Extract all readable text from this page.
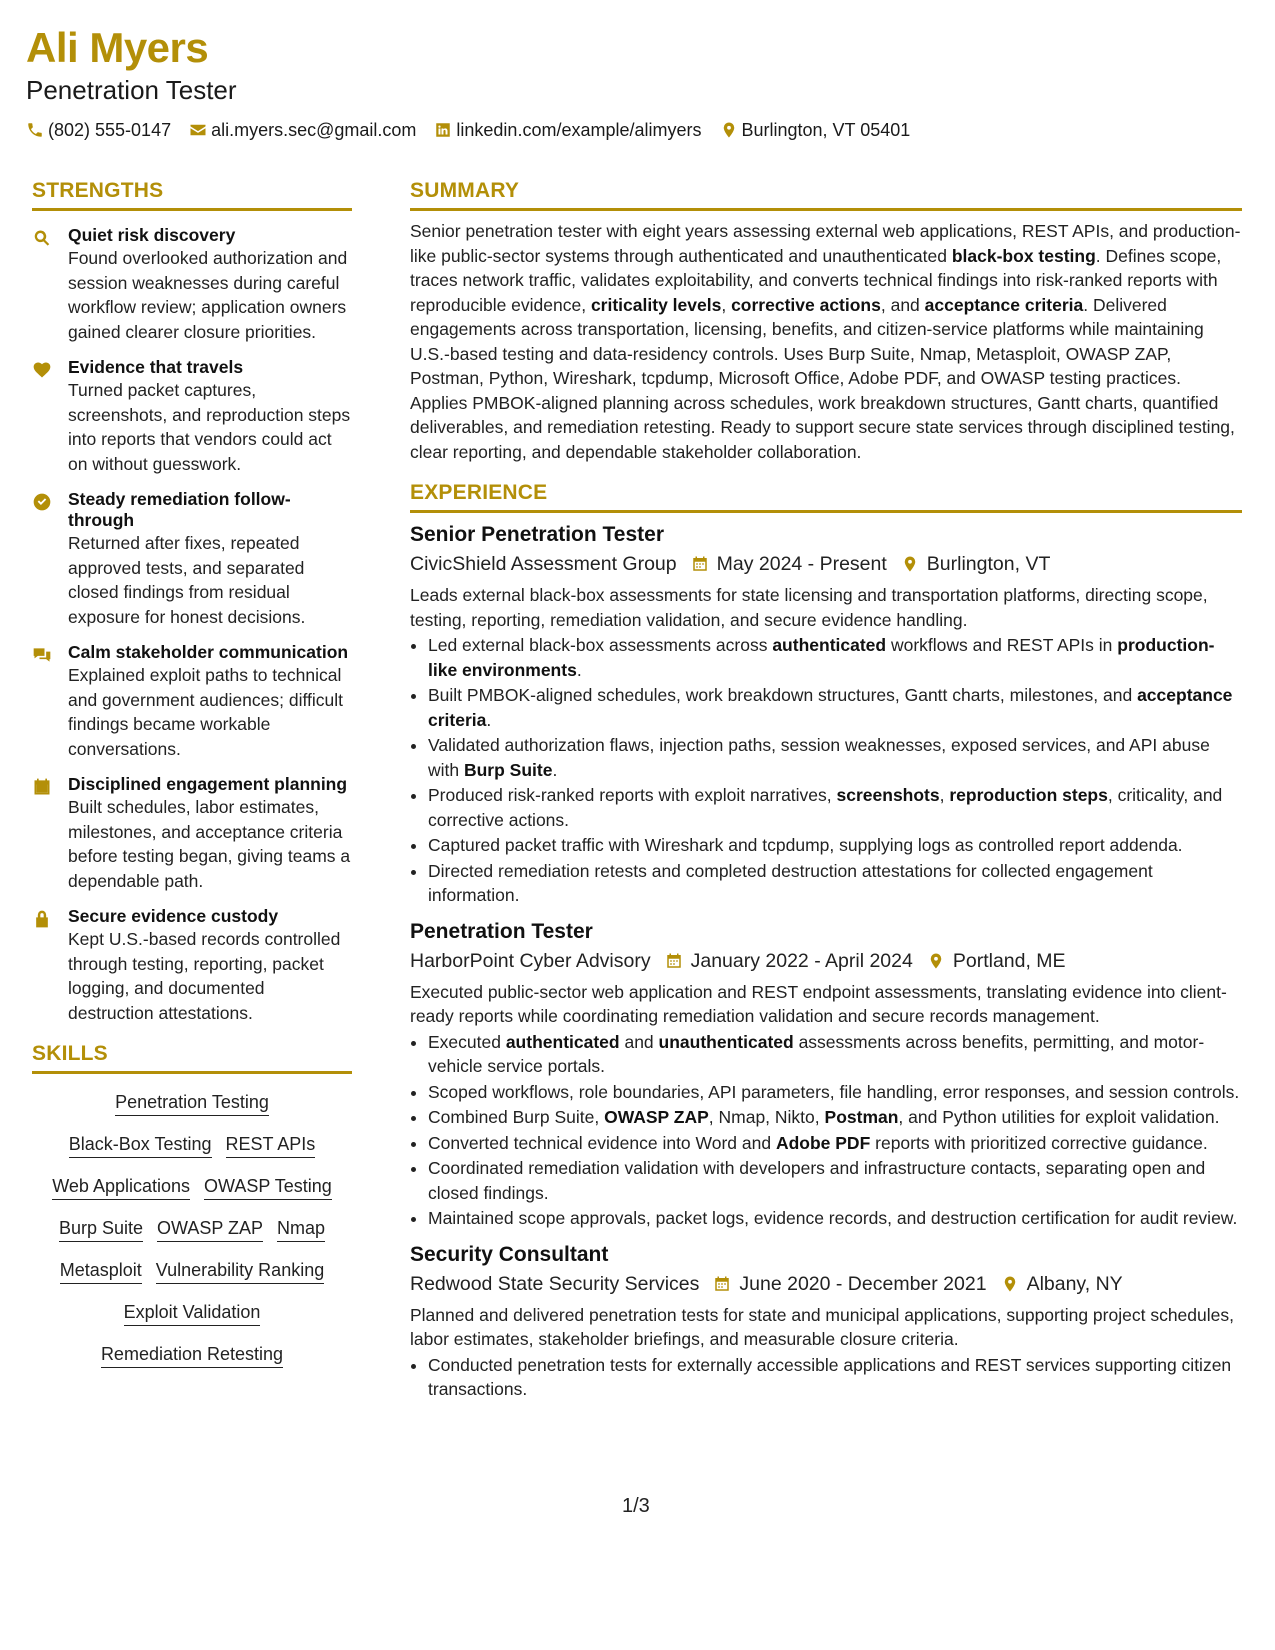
Ali Myers
Penetration Tester
(802) 555-0147 ali.myers.sec@gmail.com linkedin.com/example/alimyers Burlington, VT 05401
STRENGTHS
Quiet risk discovery
Found overlooked authorization and session weaknesses during careful workflow review; application owners gained clearer closure priorities.
Evidence that travels
Turned packet captures, screenshots, and reproduction steps into reports that vendors could act on without guesswork.
Steady remediation follow-through
Returned after fixes, repeated approved tests, and separated closed findings from residual exposure for honest decisions.
Calm stakeholder communication
Explained exploit paths to technical and government audiences; difficult findings became workable conversations.
Disciplined engagement planning
Built schedules, labor estimates, milestones, and acceptance criteria before testing began, giving teams a dependable path.
Secure evidence custody
Kept U.S.-based records controlled through testing, reporting, packet logging, and documented destruction attestations.
SKILLS
Penetration Testing
Black-Box Testing REST APIs
Web Applications OWASP Testing
Burp Suite OWASP ZAP Nmap
Metasploit Vulnerability Ranking
Exploit Validation
Remediation Retesting
SUMMARY
Senior penetration tester with eight years assessing external web applications, REST APIs, and production-like public-sector systems through authenticated and unauthenticated black-box testing. Defines scope, traces network traffic, validates exploitability, and converts technical findings into risk-ranked reports with reproducible evidence, criticality levels, corrective actions, and acceptance criteria. Delivered engagements across transportation, licensing, benefits, and citizen-service platforms while maintaining U.S.-based testing and data-residency controls. Uses Burp Suite, Nmap, Metasploit, OWASP ZAP, Postman, Python, Wireshark, tcpdump, Microsoft Office, Adobe PDF, and OWASP testing practices. Applies PMBOK-aligned planning across schedules, work breakdown structures, Gantt charts, quantified deliverables, and remediation retesting. Ready to support secure state services through disciplined testing, clear reporting, and dependable stakeholder collaboration.
EXPERIENCE
Senior Penetration Tester
CivicShield Assessment Group May 2024 - Present Burlington, VT
Leads external black-box assessments for state licensing and transportation platforms, directing scope, testing, reporting, remediation validation, and secure evidence handling.
• Led external black-box assessments across authenticated workflows and REST APIs in production-like environments.
• Built PMBOK-aligned schedules, work breakdown structures, Gantt charts, milestones, and acceptance criteria.
• Validated authorization flaws, injection paths, session weaknesses, exposed services, and API abuse with Burp Suite.
• Produced risk-ranked reports with exploit narratives, screenshots, reproduction steps, criticality, and corrective actions.
• Captured packet traffic with Wireshark and tcpdump, supplying logs as controlled report addenda.
• Directed remediation retests and completed destruction attestations for collected engagement information.
Penetration Tester
HarborPoint Cyber Advisory January 2022 - April 2024 Portland, ME
Executed public-sector web application and REST endpoint assessments, translating evidence into client-ready reports while coordinating remediation validation and secure records management.
• Executed authenticated and unauthenticated assessments across benefits, permitting, and motor-vehicle service portals.
• Scoped workflows, role boundaries, API parameters, file handling, error responses, and session controls.
• Combined Burp Suite, OWASP ZAP, Nmap, Nikto, Postman, and Python utilities for exploit validation.
• Converted technical evidence into Word and Adobe PDF reports with prioritized corrective guidance.
• Coordinated remediation validation with developers and infrastructure contacts, separating open and closed findings.
• Maintained scope approvals, packet logs, evidence records, and destruction certification for audit review.
Security Consultant
Redwood State Security Services June 2020 - December 2021 Albany, NY
Planned and delivered penetration tests for state and municipal applications, supporting project schedules, labor estimates, stakeholder briefings, and measurable closure criteria.
• Conducted penetration tests for externally accessible applications and REST services supporting citizen transactions.
1/3
